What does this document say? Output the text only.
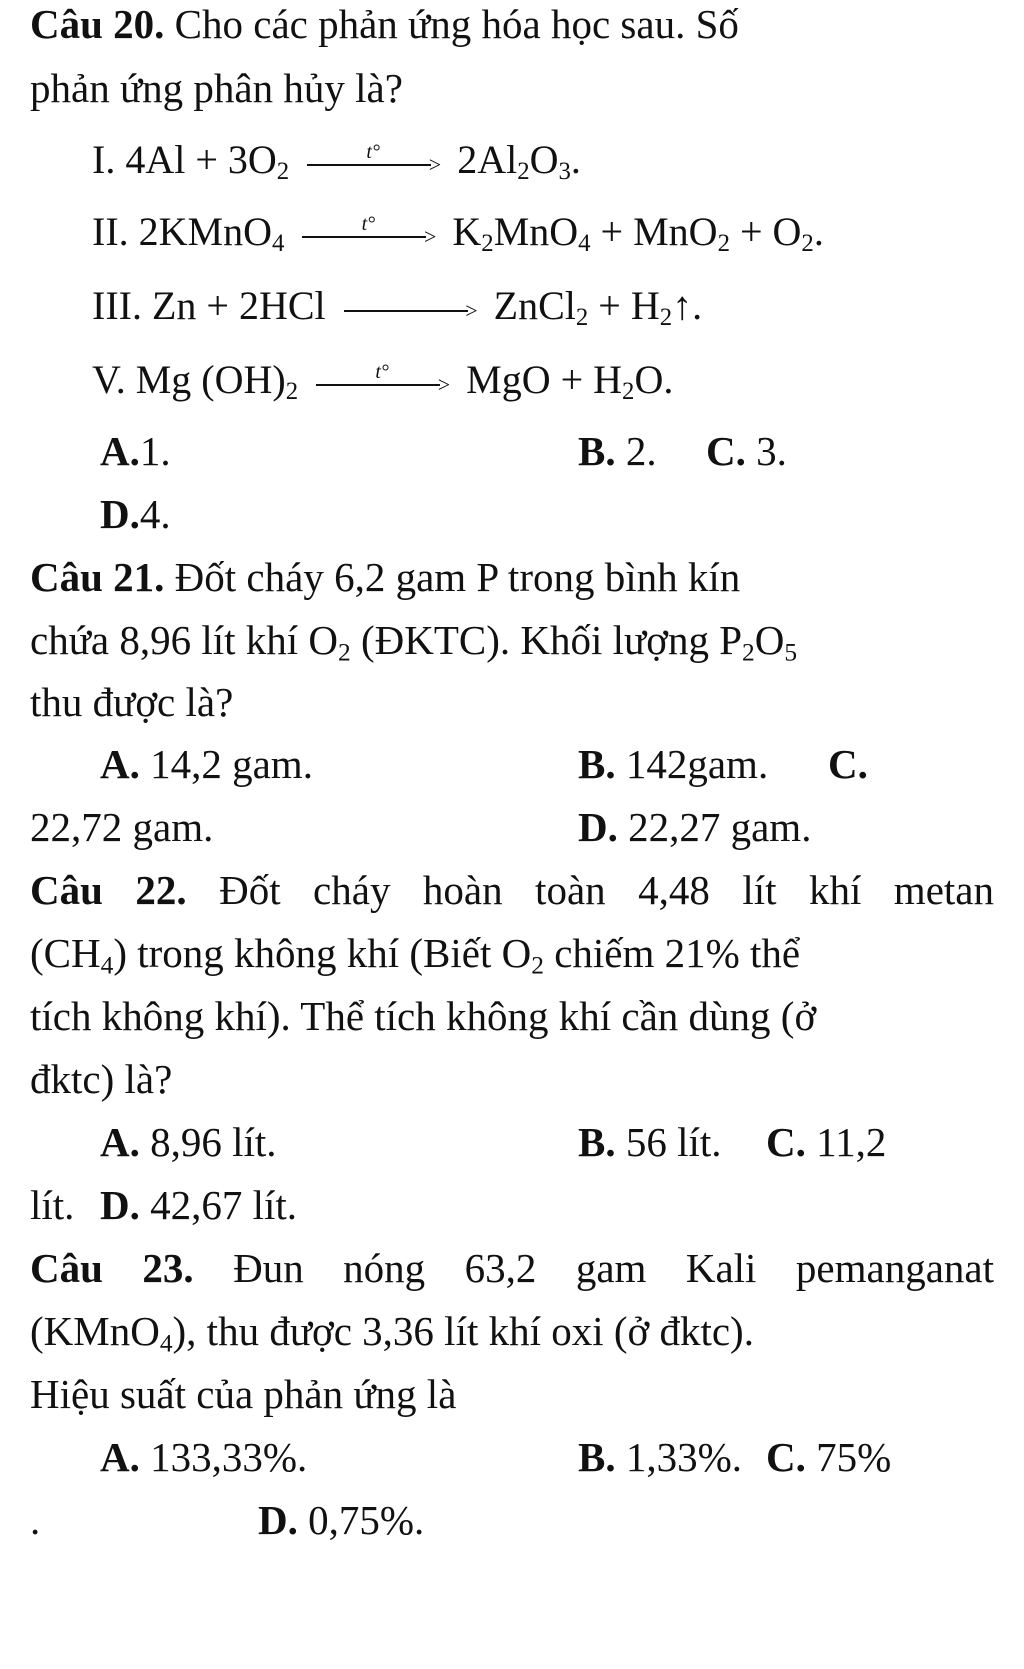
Câu 20. Cho các phản ứng hóa học sau. Số
phản ứng phân hủy là?
I. $4Al + 3O_2$
t°	> $2Al_2O_3$.
II. 2KMnO$_4$
t°	> $K_2MnO_4 + MnO_2 + O_2$.
III. Zn + 2HCl	> ZnCl$_2$ + $H_2↑$.
V. Mg $(OH)_2$
t°	> MgO + $H_2O$.
A.1.	B. 2. C. 3.
D.4.
Câu 21. Đốt cháy 6,2 gam P trong bình kín
chứa 8,96 lít khí $O_2$ (ĐKTC). Khối lượng $P_2O_5$
thu được là?
A. 14,2 gam.	B. 142gam. C.
22,72 gam.	D. 22,27 gam.
Câu 22. Đốt cháy hoàn toàn 4,48 lít khí metan
$(CH_4)$ trong không khí (Biết $O_2$ chiếm 21% thể
tích không khí). Thể tích không khí cần dùng (ở
đktc) là?
A. 8,96 lít.	B. 56 lít. C. 11,2
lít. D. 42,67 lít.
Câu 23. Đun nóng 63,2 gam Kali pemanganat
(KMnO$_4$), thu được 3,36 lít khí oxi (ở đktc).
Hiệu suất của phản ứng là
A. 133,33%.	B. 1,33%. C. 75%
.	D. 0,75%.
